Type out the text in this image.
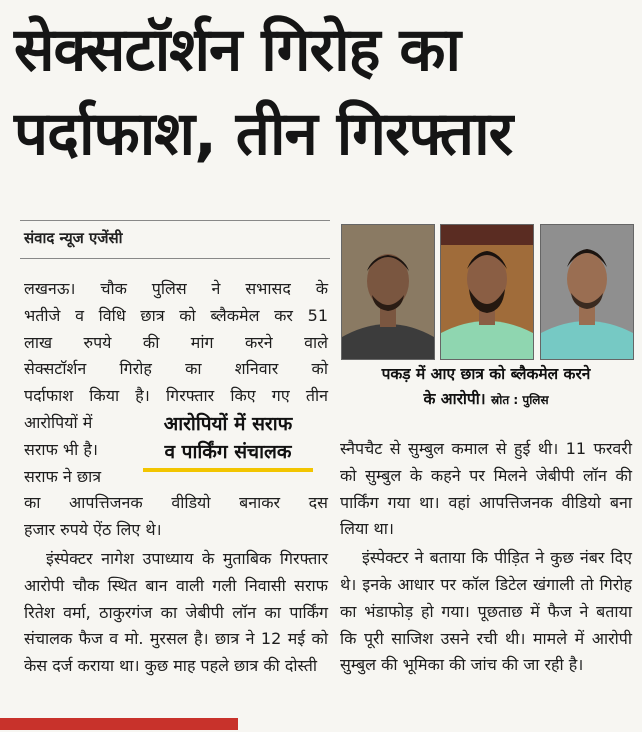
सेक्सटॉर्शन गिरोह का
पर्दाफाश, तीन गिरफ्तार
संवाद न्यूज एजेंसी
लखनऊ। चौक पुलिस ने सभासद के
भतीजे व विधि छात्र को ब्लैकमेल कर 51
लाख रुपये की मांग करने वाले
सेक्सटॉर्शन गिरोह का शनिवार को
पर्दाफाश किया है। गिरफ्तार किए गए तीन
आरोपियों में
सराफ भी है।
सराफ ने छात्र
का आपत्तिजनक वीडियो बनाकर दस
हजार रुपये ऐंठ लिए थे।

इंस्पेक्टर नागेश उपाध्याय के मुताबिक गिरफ्तार आरोपी चौक स्थित बान वाली गली निवासी सराफ रितेश वर्मा, ठाकुरगंज का जेबीपी लॉन का पार्किंग संचालक फैज व मो. मुरसल है। छात्र ने 12 मई को केस दर्ज कराया था। कुछ माह पहले छात्र की दोस्ती

आरोपियों में सराफ
व पार्किंग संचालक
पकड़ में आए छात्र को ब्लैकमेल करने
के आरोपी। स्रोत : पुलिस

स्नैपचैट से सुम्बुल कमाल से हुई थी। 11 फरवरी को सुम्बुल के कहने पर मिलने जेबीपी लॉन की पार्किंग गया था। वहां आपत्तिजनक वीडियो बना लिया था।

इंस्पेक्टर ने बताया कि पीड़ित ने कुछ नंबर दिए थे। इनके आधार पर कॉल डिटेल खंगाली तो गिरोह का भंडाफोड़ हो गया। पूछताछ में फैज ने बताया कि पूरी साजिश उसने रची थी। मामले में आरोपी सुम्बुल की भूमिका की जांच की जा रही है।
